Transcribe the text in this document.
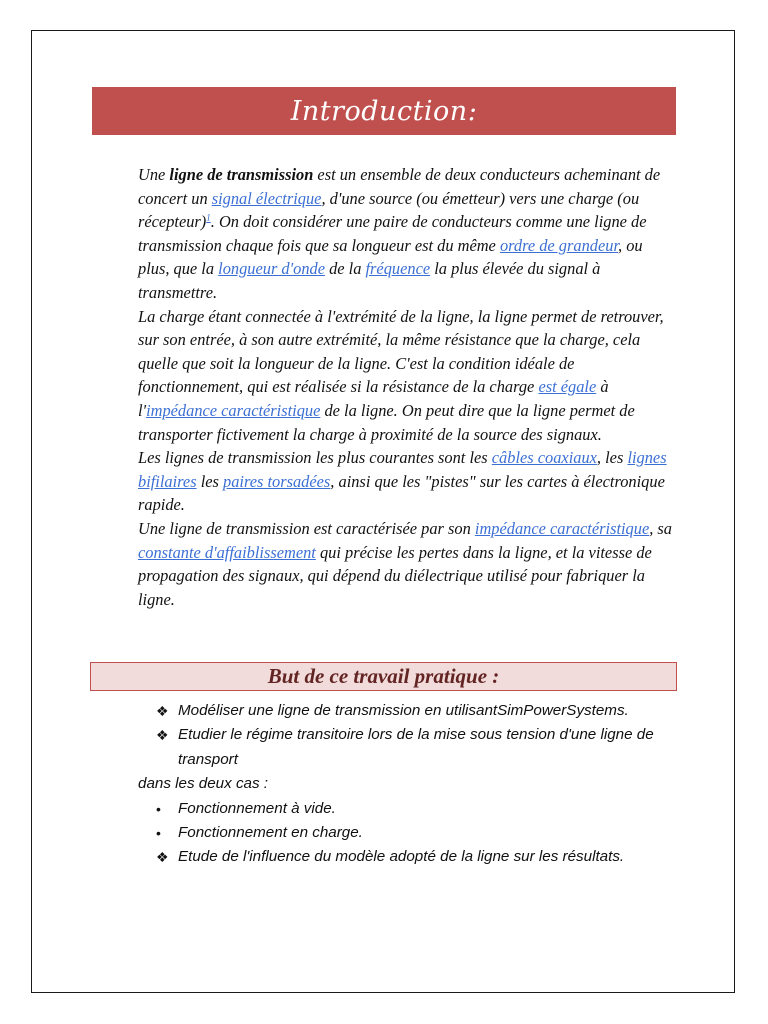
Introduction:

Une ligne de transmission est un ensemble de deux conducteurs acheminant de concert un signal électrique, d'une source (ou émetteur) vers une charge (ou récepteur)$^1$. On doit considérer une paire de conducteurs comme une ligne de transmission chaque fois que sa longueur est du même ordre de grandeur, ou plus, que la longueur d'onde de la fréquence la plus élevée du signal à transmettre.

La charge étant connectée à l'extrémité de la ligne, la ligne permet de retrouver, sur son entrée, à son autre extrémité, la même résistance que la charge, cela quelle que soit la longueur de la ligne. C'est la condition idéale de fonctionnement, qui est réalisée si la résistance de la charge est égale à l'impédance caractéristique de la ligne. On peut dire que la ligne permet de transporter fictivement la charge à proximité de la source des signaux.

Les lignes de transmission les plus courantes sont les câbles coaxiaux, les lignes bifilaires les paires torsadées, ainsi que les "pistes" sur les cartes à électronique rapide.

Une ligne de transmission est caractérisée par son impédance caractéristique, sa constante d'affaiblissement qui précise les pertes dans la ligne, et la vitesse de propagation des signaux, qui dépend du diélectrique utilisé pour fabriquer la ligne.

But de ce travail pratique :
❖ Modéliser une ligne de transmission en utilisantSimPowerSystems.
❖ Etudier le régime transitoire lors de la mise sous tension d'une ligne de transport
dans les deux cas :
• Fonctionnement à vide.
• Fonctionnement en charge.
❖ Etude de l'influence du modèle adopté de la ligne sur les résultats.
